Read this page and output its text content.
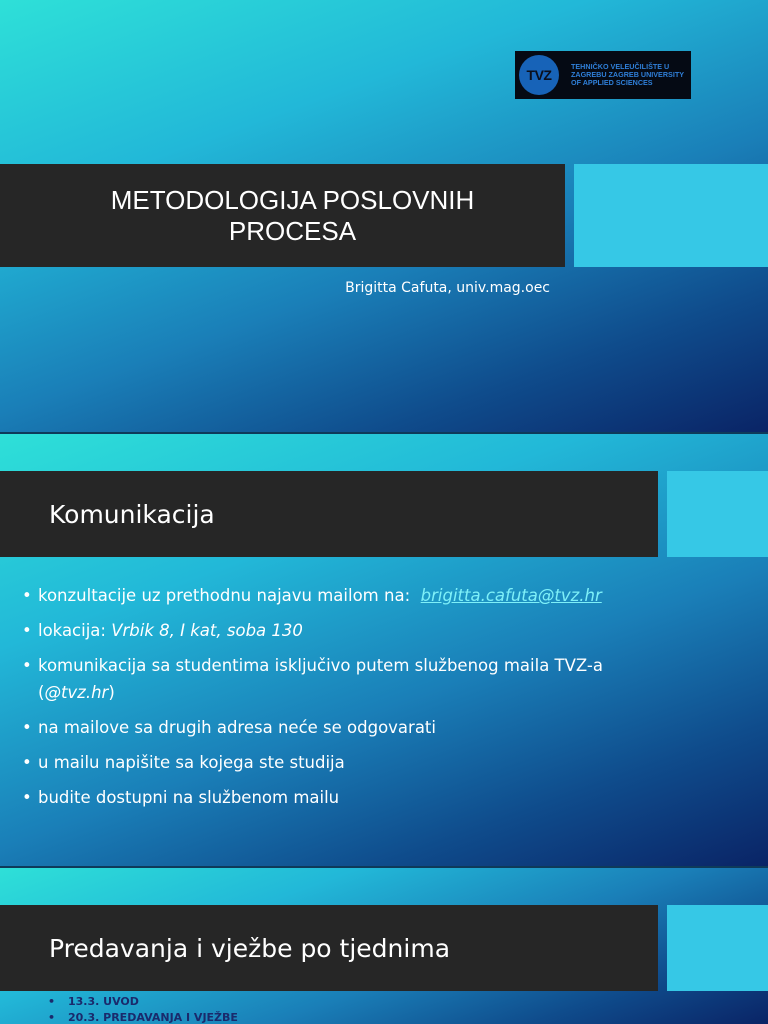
TVZ
TEHNIČKO VELEUČILIŠTE U
ZAGREBU ZAGREB UNIVERSITY
OF APPLIED SCIENCES
METODOLOGIJA POSLOVNIH
PROCESA
Brigitta Cafuta, univ.mag.oec
Komunikacija
• konzultacije uz prethodnu najavu mailom na: brigitta.cafuta@tvz.hr
• lokacija: Vrbik 8, I kat, soba 130
• komunikacija sa studentima isključivo putem službenog maila TVZ-a
(@tvz.hr)
• na mailove sa drugih adresa neće se odgovarati
• u mailu napišite sa kojega ste studija
• budite dostupni na službenom mailu
Predavanja i vježbe po tjednima
• 13.3. UVOD
• 20.3. PREDAVANJA I VJEŽBE
